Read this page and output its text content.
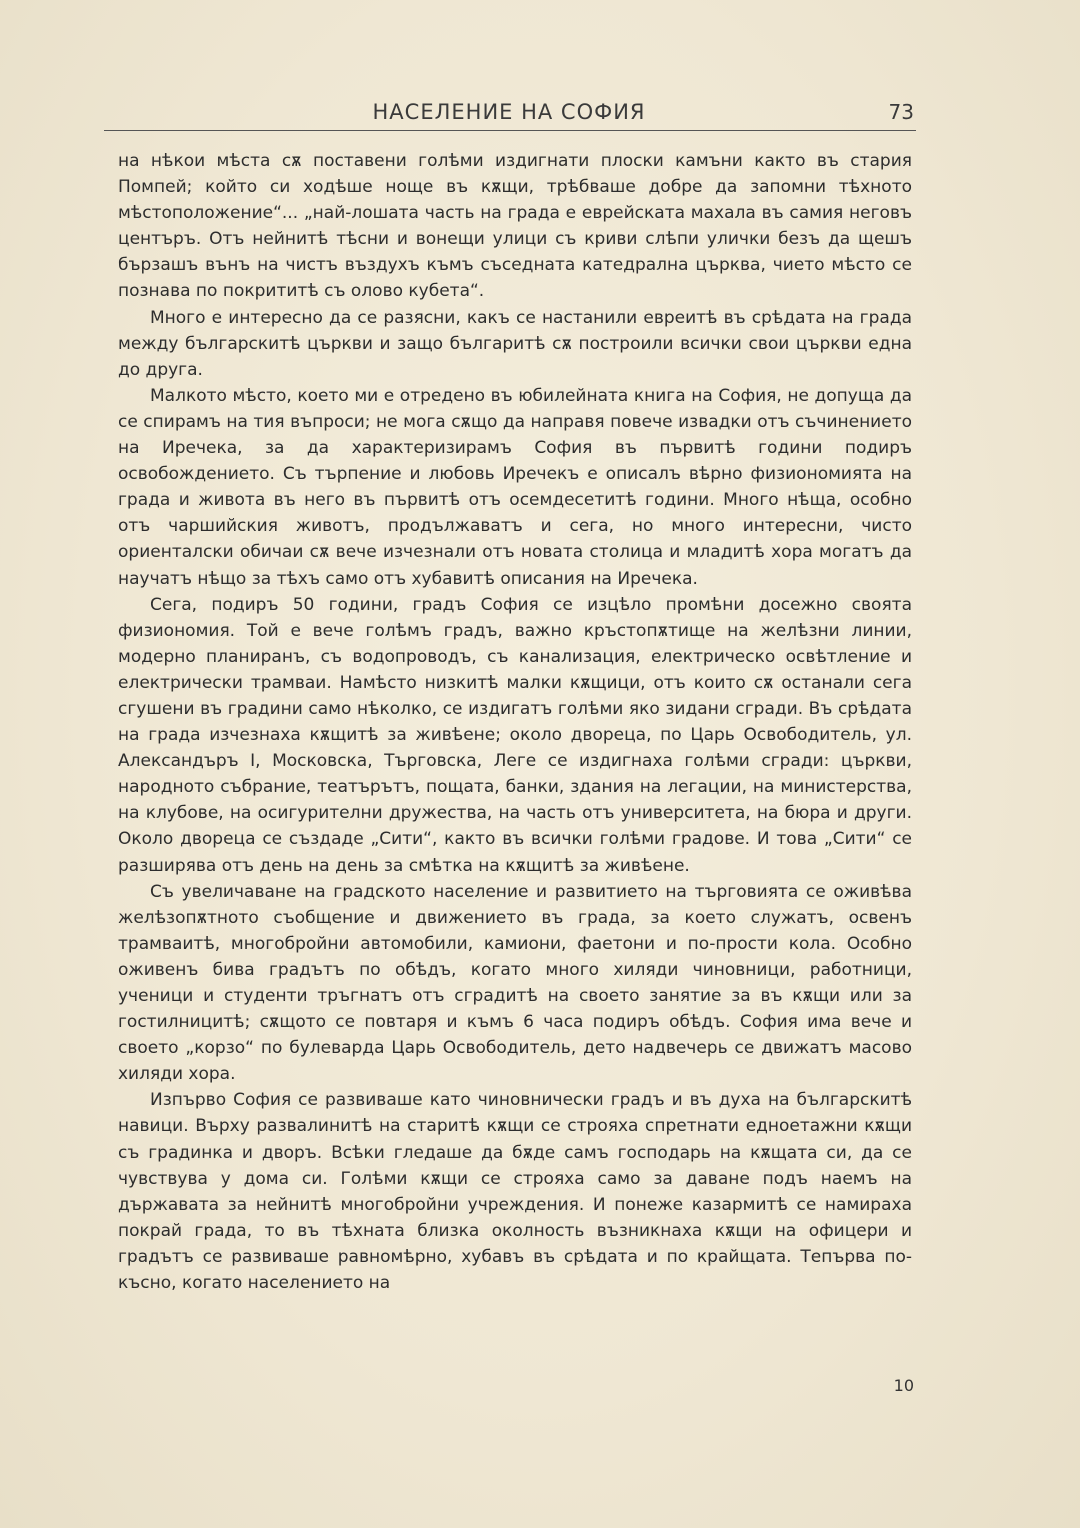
НАСЕЛЕНИЕ НА СОФИЯ	73

на нѣкои мѣста сѫ поставени голѣми издигнати плоски камъни както въ стария Помпей; който си ходѣше ноще въ кѫщи, трѣбваше добре да запомни тѣхното мѣстоположение“... „най-лошата часть на града е еврейската махала въ самия неговъ центъръ. Отъ нейнитѣ тѣсни и вонещи улици съ криви слѣпи улички безъ да щешъ бързашъ вънъ на чистъ въздухъ къмъ съседната катедрална църква, чието мѣсто се познава по покрититѣ съ олово кубета“.

Много е интересно да се разясни, какъ се настанили евреитѣ въ срѣдата на града между българскитѣ църкви и защо българитѣ сѫ построили всички свои църкви една до друга.

Малкото мѣсто, което ми е отредено въ юбилейната книга на София, не допуща да се спирамъ на тия въпроси; не мога сѫщо да направя повече извадки отъ съчинението на Иречека, за да характеризирамъ София въ първитѣ години подиръ освобождението. Съ търпение и любовь Иречекъ е описалъ вѣрно физиономията на града и живота въ него въ първитѣ отъ осемдесетитѣ години. Много нѣща, особно отъ чаршийския животъ, продължаватъ и сега, но много интересни, чисто ориенталски обичаи сѫ вече изчезнали отъ новата столица и младитѣ хора могатъ да научатъ нѣщо за тѣхъ само отъ хубавитѣ описания на Иречека.

Сега, подиръ 50 години, градъ София се изцѣло промѣни досежно своята физиономия. Той е вече голѣмъ градъ, важно кръстопѫтище на желѣзни линии, модерно планиранъ, съ водопроводъ, съ канализация, електрическо освѣтление и електрически трамваи. Намѣсто низкитѣ малки кѫщици, отъ които сѫ останали сега сгушени въ градини само нѣколко, се издигатъ голѣми яко зидани сгради. Въ срѣдата на града изчезнаха кѫщитѣ за живѣене; около двореца, по Царь Освободитель, ул. Александъръ I, Московска, Търговска, Леге се издигнаха голѣми сгради: църкви, народното събрание, театърътъ, пощата, банки, здания на легации, на министерства, на клубове, на осигурителни дружества, на часть отъ университета, на бюра и други. Около двореца се създаде „Сити“, както въ всички голѣми градове. И това „Сити“ се разширява отъ день на день за смѣтка на кѫщитѣ за живѣене.

Съ увеличаване на градското население и развитието на търговията се оживѣва желѣзопѫтното съобщение и движението въ града, за което служатъ, освенъ трамваитѣ, многобройни автомобили, камиони, фаетони и по-прости кола. Особно оживенъ бива градътъ по обѣдъ, когато много хиляди чиновници, работници, ученици и студенти тръгнатъ отъ сградитѣ на своето занятие за въ кѫщи или за гостилницитѣ; сѫщото се повтаря и къмъ 6 часа подиръ обѣдъ. София има вече и своето „корзо“ по булеварда Царь Освободитель, дето надвечерь се движатъ масово хиляди хора.

Изпърво София се развиваше като чиновнически градъ и въ духа на българскитѣ навици. Върху развалинитѣ на старитѣ кѫщи се строяха спретнати едноетажни кѫщи съ градинка и дворъ. Всѣки гледаше да бѫде самъ господарь на кѫщата си, да се чувствува у дома си. Голѣми кѫщи се строяха само за даване подъ наемъ на държавата за нейнитѣ многобройни учреждения. И понеже казармитѣ се намираха покрай града, то въ тѣхната близка околность възникнаха кѫщи на офицери и градътъ се развиваше равномѣрно, хубавъ въ срѣдата и по крайщата. Тепърва по-късно, когато населението на

10
